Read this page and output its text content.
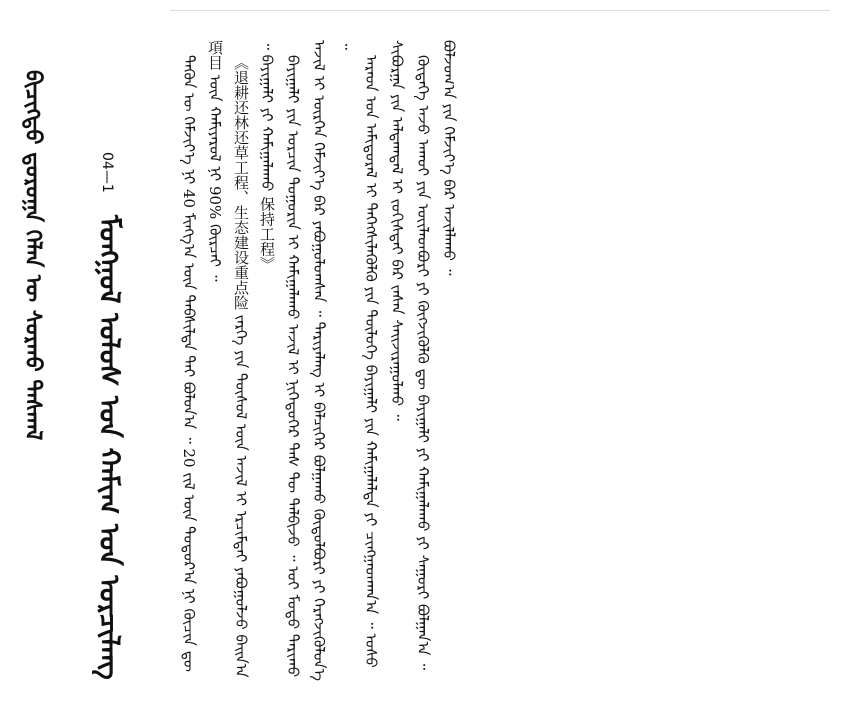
ᠪᠢᠴᠢᠭᠲᠦ ᠳ᠋ᠣᠷᠤᠭᠠ ᠬᠡᠯᠡᠨ ᠦ ᠰᠤᠷᠬᠤ ᠳᠠᠰᠬᠠᠯ	04—1
ᠮᠣᠩᠭᠣᠯ ᠤᠯᠤᠰ ᠤᠨ ᠬᠠᠮᠢᠭ ᠤᠨ ᠣᠷᠴᠢᠯᠠᠩ	ᠲᠡᠭᠦᠨ ᠦ ᠬᠡᠮᠵᠢᠶ᠎ᠡ ᠨᠢ 40 ᠮᠢᠩᠭ᠎ᠠ ᠦᠨ ᠳᠡᠪᠰᠢᠯᠲᠡ ᠲᠠᠢ ᠪᠣᠯᠤᠨ᠎ᠠ ᠃ 20 ᠵᠢᠯ ᠦᠨ ᠳᠤᠲᠤᠷ᠎ᠠ ᠨᠢ ᠬᠦᠴᠢᠨ ᠳᠦ 項目 ᠦᠨ ᠬᠠᠮᠢᠶᠠᠷᠤᠯ ᠨᠢ 90% ᠬᠦᠷᠴᠡᠢ ᠃ 《退耕还林还草工程、生态建设重点险 ᠵᠡᠷᠭᠡ ᠶᠢᠨ ᠲᠥᠰᠥᠯ ᠦᠨ ᠠᠵᠢᠯ ᠢ ᠡᠷᠴᠢᠮᠲᠡᠢ ᠶᠠᠪᠤᠭᠤᠯᠵᠤ ᠪᠠᠢᠨ᠎ᠠ ᠃ ᠪᠠᠶᠢᠭᠠᠯᠢ ᠶᠢ ᠬᠠᠮᠢᠭᠠᠯᠠᠬᠤ 保持工程》 ᠪᠠᠶᠢᠭᠠᠯᠢ ᠶᠢᠨ ᠣᠷᠴᠢᠨ ᠲᠣᠭᠣᠷᠢᠨ ᠢ ᠬᠠᠮᠢᠭᠠᠯᠠᠬᠤ ᠠᠵᠢᠯ ᠢ ᠨᠢᠭᠡᠳᠦᠭᠡᠷ ᠲᠡᠰ ᠲᠦ ᠲᠠᠯᠪᠢᠵᠤ ᠃ ᠣᠢ ᠮᠣᠳᠣ ᠲᠠᠷᠢᠬᠤ ᠠᠵᠢᠯ ᠢ ᠥᠷᠭᠡᠨ ᠬᠡᠮᠵᠢᠶ᠎ᠡ ᠪᠡᠷ ᠶᠠᠪᠤᠭᠤᠯᠤᠭᠰᠠᠨ ᠃ ᠲᠠᠷᠢᠶᠠᠯᠠᠩ ᠢ ᠪᠡᠯᠴᠢᠭᠡᠷ ᠪᠣᠯᠭᠠᠬᠤ ᠬᠥᠲᠦᠯᠪᠦᠷᠢ ᠶᠢ ᠬᠡᠷᠡᠭᠵᠢᠭᠦᠯᠦᠨ᠎ᠡ ᠃

ᠠᠷᠠᠳ ᠤᠨ ᠠᠮᠢᠳᠤᠷᠠᠯ ᠢ ᠳᠡᠭᠡᠭᠰᠢᠯᠡᠭᠦᠯᠬᠦ ᠶᠢᠨ ᠲᠥᠯᠥᠭᠡ ᠪᠠᠶᠢᠭᠠᠯᠢ ᠶᠢᠨ ᠬᠠᠮᠢᠭᠠᠯᠠᠯᠲᠠ ᠶᠢ ᠴᠢᠩᠭᠠᠳᠬᠠᠨ᠎ᠠ ᠃ ᠤᠰᠤ ᠰᠢᠪᠣᠷᠭᠠ ᠶᠢᠨ ᠠᠯᠳᠠᠭᠳᠠᠯ ᠢ ᠵᠣᠬᠢᠰᠲᠠᠢ ᠪᠡᠷ ᠵᠠᠰᠠᠨ ᠰᠠᠢᠵᠢᠷᠠᠭᠤᠯᠬᠤ ᠃ ᠬᠥᠳᠡᠭᠡ ᠠᠵᠤ ᠠᠬᠤᠢ ᠶᠢᠨ ᠦᠢᠯᠡᠳᠪᠦᠷᠢ ᠶᠢ ᠬᠥᠭᠵᠢᠭᠦᠯᠬᠦ ᠳᠦ ᠪᠠᠶᠢᠭᠠᠯᠢ ᠶᠢ ᠬᠠᠮᠢᠭᠠᠯᠠᠬᠤ ᠶᠢ ᠰᠠᠭᠤᠷᠢ ᠪᠣᠯᠭᠠᠨ᠎ᠠ ᠃ ᠪᠣᠯᠵᠣᠭ᠎ᠠ ᠶᠢᠨ ᠬᠡᠮᠵᠢᠶ᠎ᠡ ᠪᠡᠷ ᠠᠵᠢᠯᠯᠠᠬᠤ ᠃
